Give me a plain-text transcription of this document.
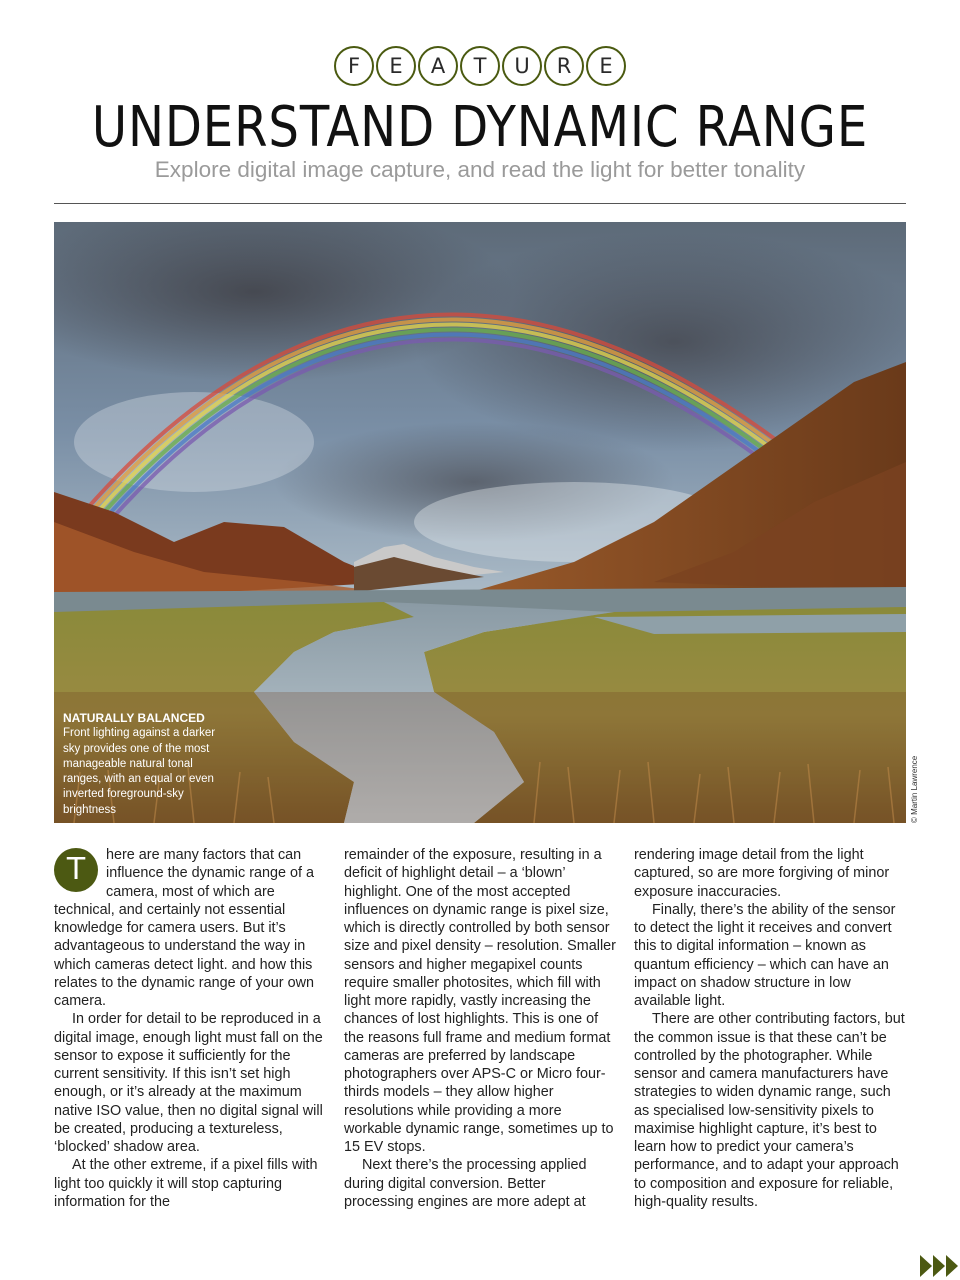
F	E	A	T	U	R	E
UNDERSTAND DYNAMIC RANGE
Explore digital image capture, and read the light for better tonality
NATURALLY BALANCED
Front lighting against a darker sky provides one of the most manageable natural tonal ranges, with an equal or even inverted foreground-sky brightness	© Martin Lawrence

T	here are many factors that can influence the dynamic range of a camera, most of which are technical, and certainly not essential knowledge for camera users. But it’s advantageous to understand the way in which cameras detect light. and how this relates to the dynamic range of your own camera.

In order for detail to be reproduced in a digital image, enough light must fall on the sensor to expose it sufficiently for the current sensitivity. If this isn’t set high enough, or it’s already at the maximum native ISO value, then no digital signal will be created, producing a textureless, ‘blocked’ shadow area.

At the other extreme, if a pixel fills with light too quickly it will stop capturing information for the

remainder of the exposure, resulting in a deficit of highlight detail – a ‘blown’ highlight. One of the most accepted influences on dynamic range is pixel size, which is directly controlled by both sensor size and pixel density – resolution. Smaller sensors and higher megapixel counts require smaller photosites, which fill with light more rapidly, vastly increasing the chances of lost highlights. This is one of the reasons full frame and medium format cameras are preferred by landscape photographers over APS-C or Micro four-thirds models – they allow higher resolutions while providing a more workable dynamic range, sometimes up to 15 EV stops.

Next there’s the processing applied during digital conversion. Better processing engines are more adept at

rendering image detail from the light captured, so are more forgiving of minor exposure inaccuracies.

Finally, there’s the ability of the sensor to detect the light it receives and convert this to digital information – known as quantum efficiency – which can have an impact on shadow structure in low available light.

There are other contributing factors, but the common issue is that these can’t be controlled by the photographer. While sensor and camera manufacturers have strategies to widen dynamic range, such as specialised low-sensitivity pixels to maximise highlight capture, it’s best to learn how to predict your camera’s performance, and to adapt your approach to composition and exposure for reliable, high-quality results.
